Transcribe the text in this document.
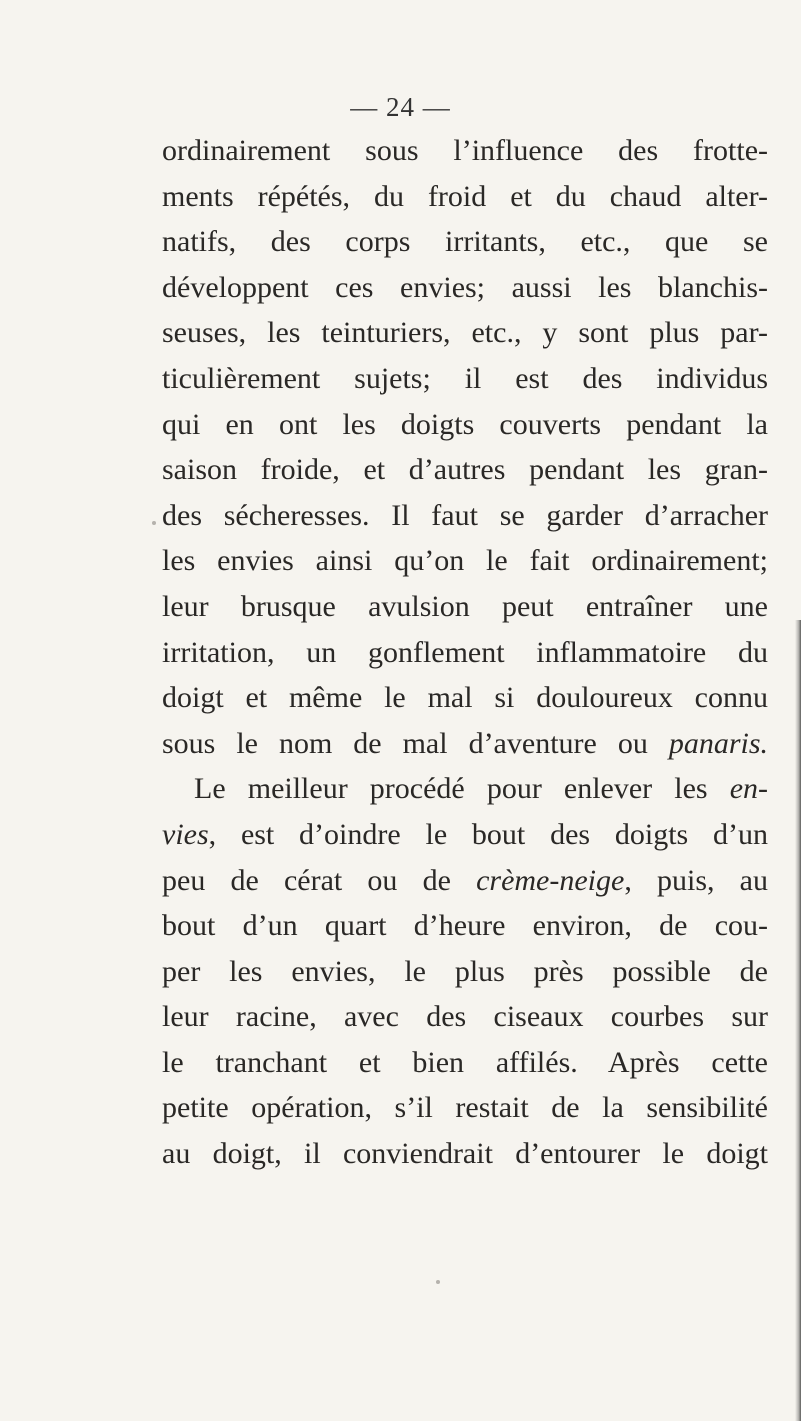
— 24 —
ordinairement sous l’influence des frotte-
ments répétés, du froid et du chaud alter-
natifs, des corps irritants, etc., que se
développent ces envies; aussi les blanchis-
seuses, les teinturiers, etc., y sont plus par-
ticulièrement sujets; il est des individus
qui en ont les doigts couverts pendant la
saison froide, et d’autres pendant les gran-
des sécheresses. Il faut se garder d’arracher
les envies ainsi qu’on le fait ordinairement;
leur brusque avulsion peut entraîner une
irritation, un gonflement inflammatoire du
doigt et même le mal si douloureux connu
sous le nom de mal d’aventure ou panaris.
Le meilleur procédé pour enlever les en-
vies, est d’oindre le bout des doigts d’un
peu de cérat ou de crème-neige, puis, au
bout d’un quart d’heure environ, de cou-
per les envies, le plus près possible de
leur racine, avec des ciseaux courbes sur
le tranchant et bien affilés. Après cette
petite opération, s’il restait de la sensibilité
au doigt, il conviendrait d’entourer le doigt
